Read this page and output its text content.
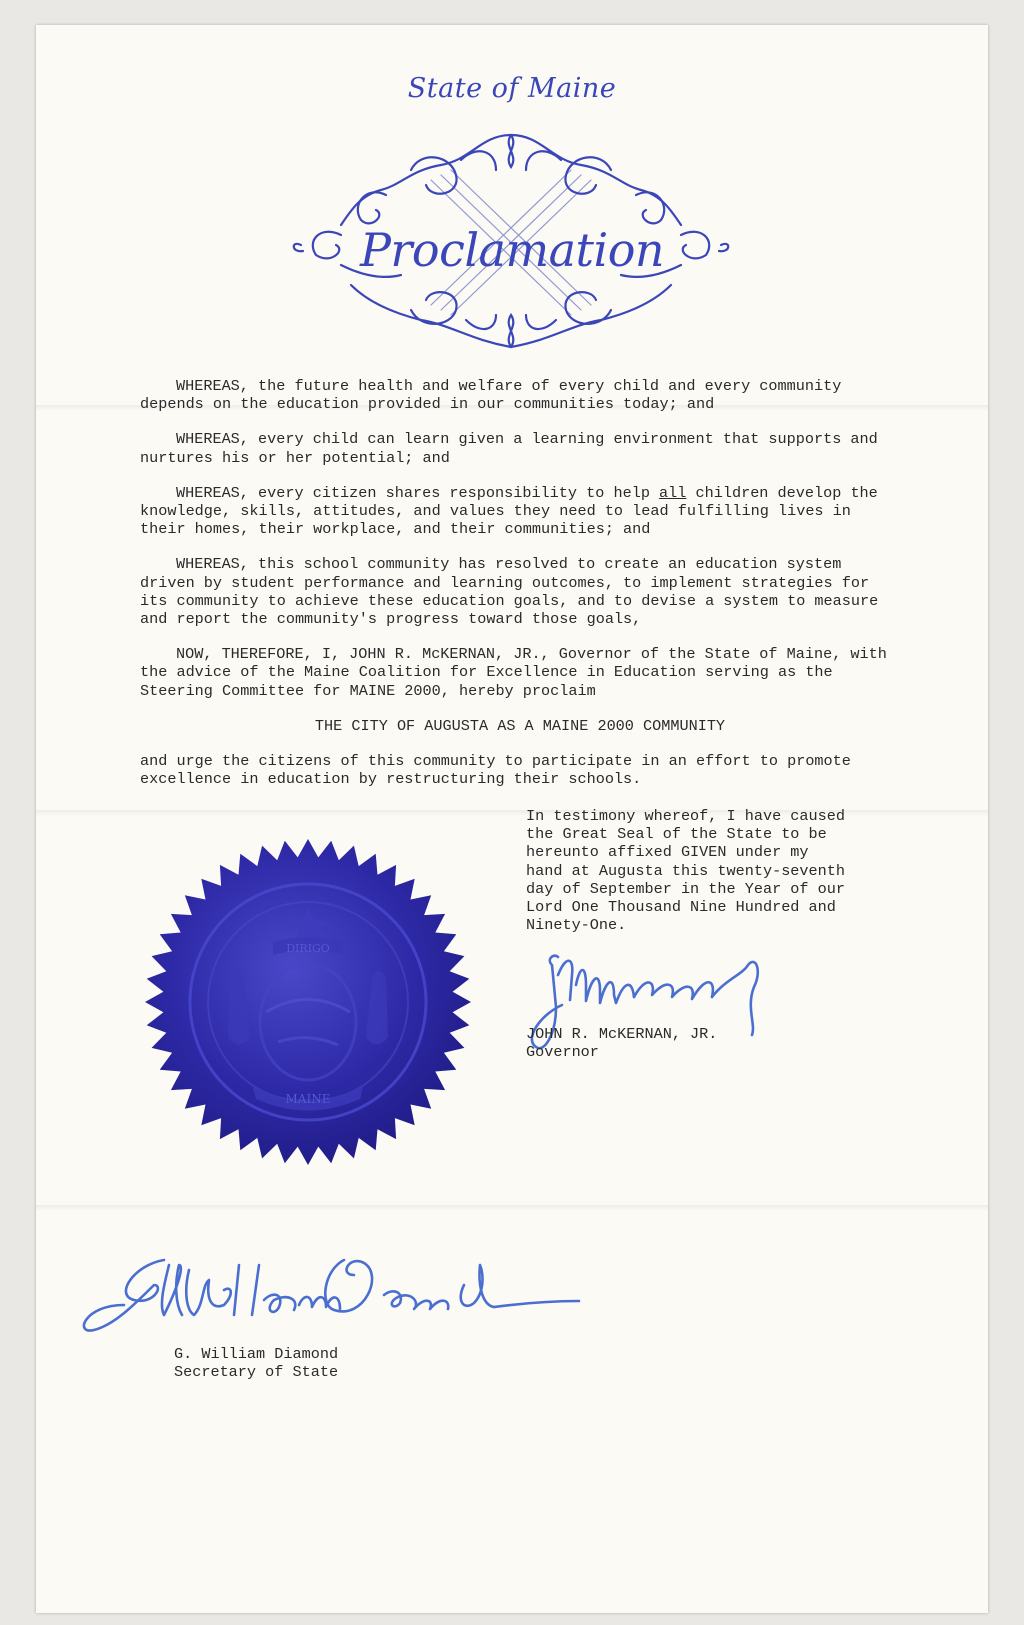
State of Maine
Proclamation

WHEREAS, the future health and welfare of every child and every community depends on the education provided in our communities today; and

WHEREAS, every child can learn given a learning environment that supports and nurtures his or her potential; and

WHEREAS, every citizen shares responsibility to help all children develop the knowledge, skills, attitudes, and values they need to lead fulfilling lives in their homes, their workplace, and their communities; and

WHEREAS, this school community has resolved to create an education system driven by student performance and learning outcomes, to implement strategies for its community to achieve these education goals, and to devise a system to measure and report the community's progress toward those goals,

NOW, THEREFORE, I, JOHN R. McKERNAN, JR., Governor of the State of Maine, with the advice of the Maine Coalition for Excellence in Education serving as the Steering Committee for MAINE 2000, hereby proclaim

THE CITY OF AUGUSTA AS A MAINE 2000 COMMUNITY

and urge the citizens of this community to participate in an effort to promote excellence in education by restructuring their schools.

In testimony whereof, I have caused
the Great Seal of the State to be
hereunto affixed GIVEN under my
hand at Augusta this twenty-seventh
day of September in the Year of our
Lord One Thousand Nine Hundred and
Ninety-One.
DIRIGO
MAINE
JOHN R. McKERNAN, JR.
Governor
G. William Diamond
Secretary of State
